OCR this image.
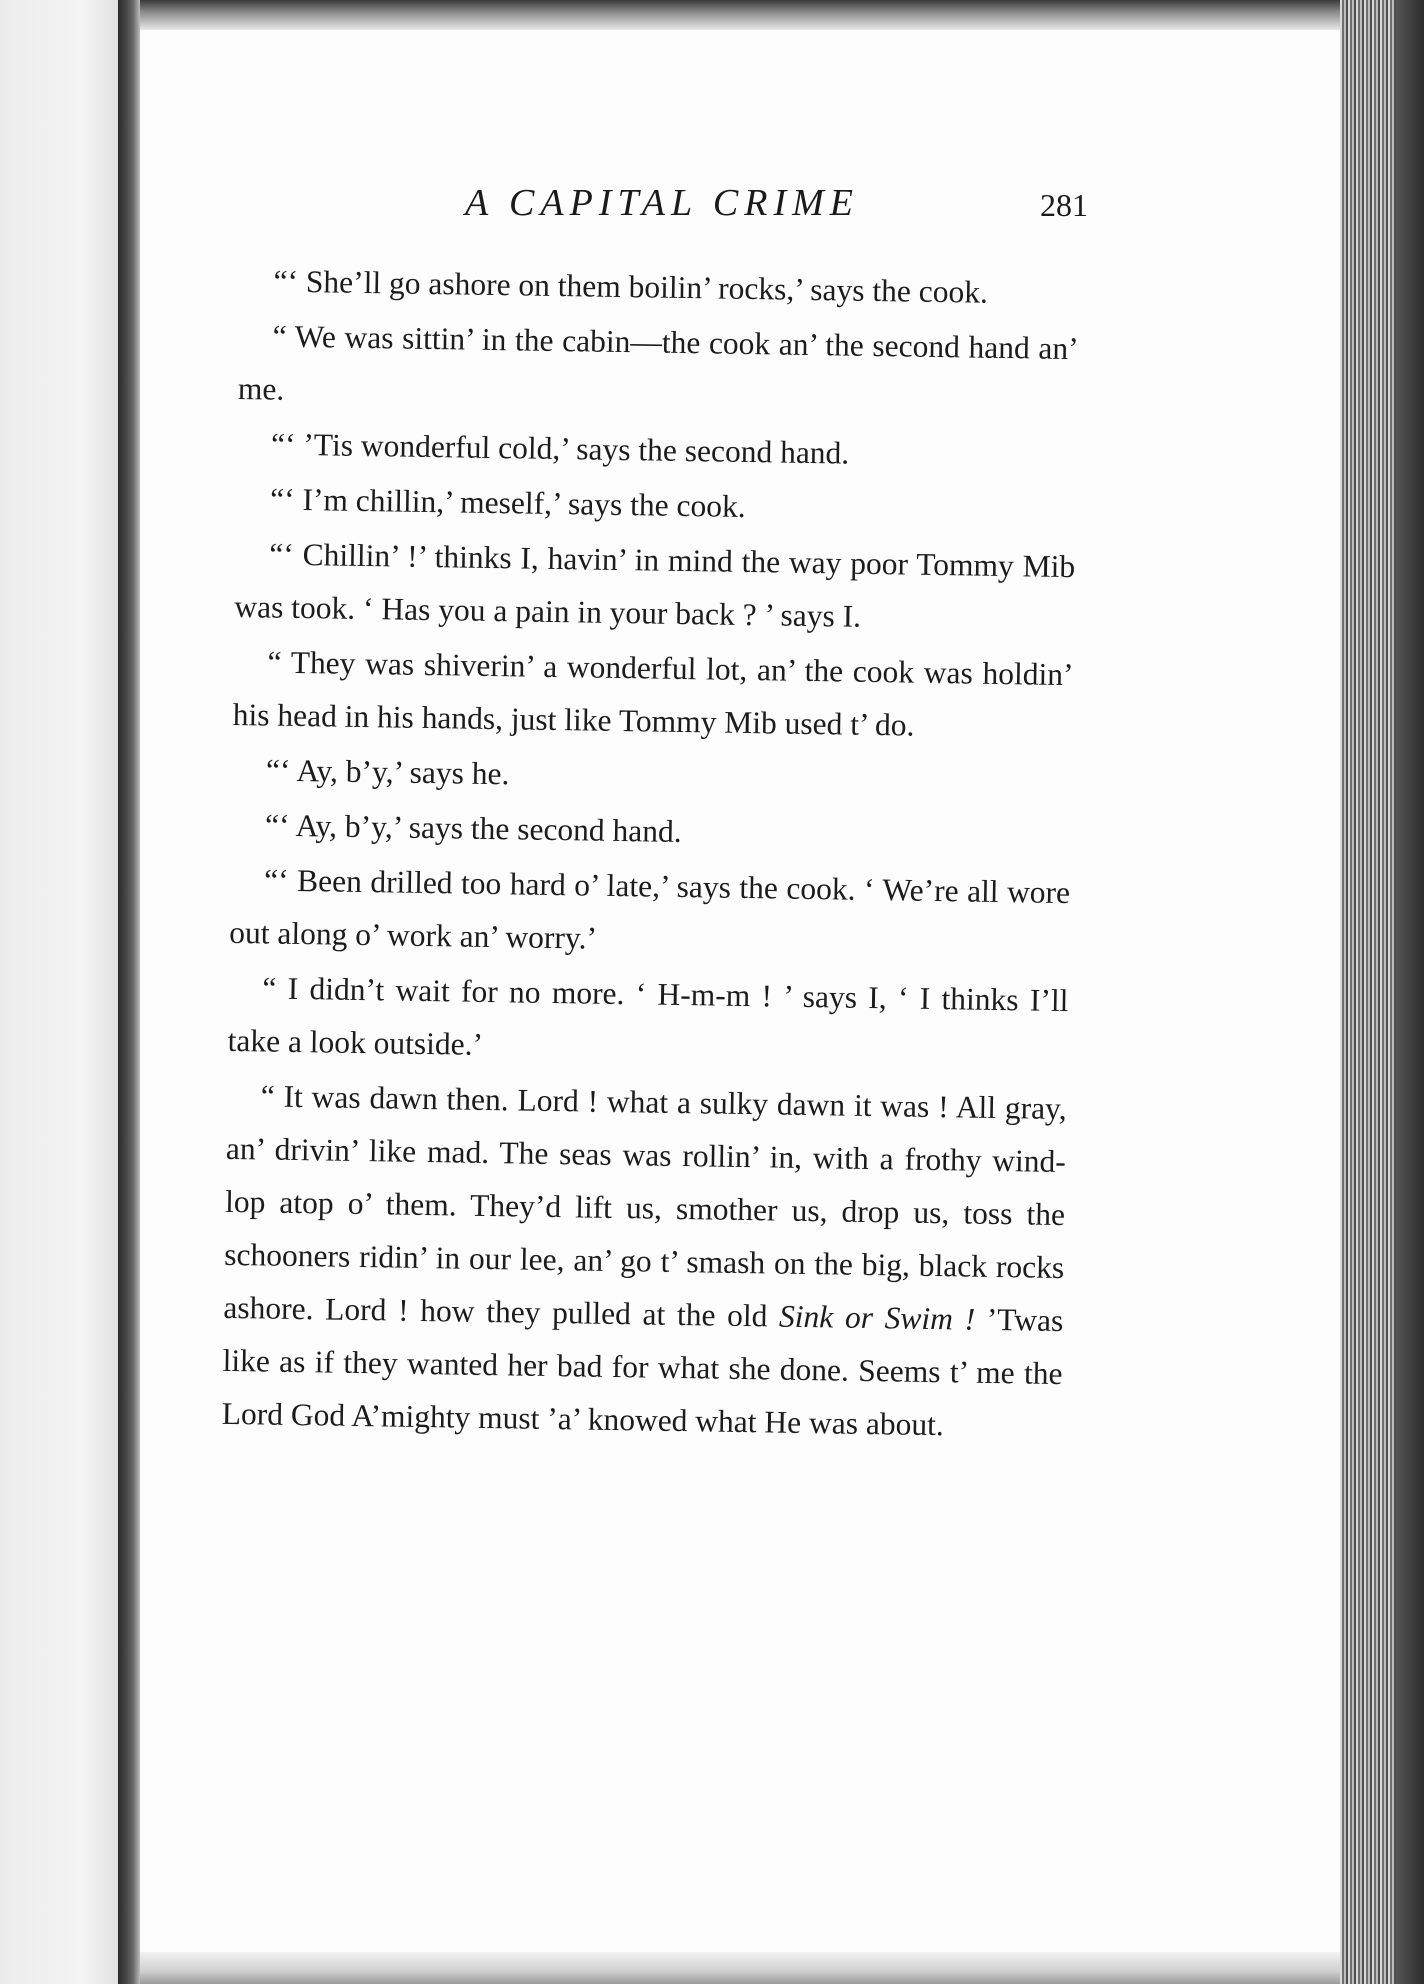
A CAPITAL CRIME	281

“‘ She’ll go ashore on them boilin’ rocks,’ says the cook.

“ We was sittin’ in the cabin—the cook an’ the second hand an’ me.

“‘ ’Tis wonderful cold,’ says the second hand.

“‘ I’m chillin,’ meself,’ says the cook.

“‘ Chillin’ !’ thinks I, havin’ in mind the way poor Tommy Mib was took. ‘ Has you a pain in your back ? ’ says I.

“ They was shiverin’ a wonderful lot, an’ the cook was holdin’ his head in his hands, just like Tommy Mib used t’ do.

“‘ Ay, b’y,’ says he.

“‘ Ay, b’y,’ says the second hand.

“‘ Been drilled too hard o’ late,’ says the cook. ‘ We’re all wore out along o’ work an’ worry.’

“ I didn’t wait for no more. ‘ H-m-m ! ’ says I, ‘ I thinks I’ll take a look outside.’

“ It was dawn then. Lord ! what a sulky dawn it was ! All gray, an’ drivin’ like mad. The seas was rollin’ in, with a frothy wind-lop atop o’ them. They’d lift us, smother us, drop us, toss the schooners ridin’ in our lee, an’ go t’ smash on the big, black rocks ashore. Lord ! how they pulled at the old Sink or Swim ! ’Twas like as if they wanted her bad for what she done. Seems t’ me the Lord God A’mighty must ’a’ knowed what He was about.
